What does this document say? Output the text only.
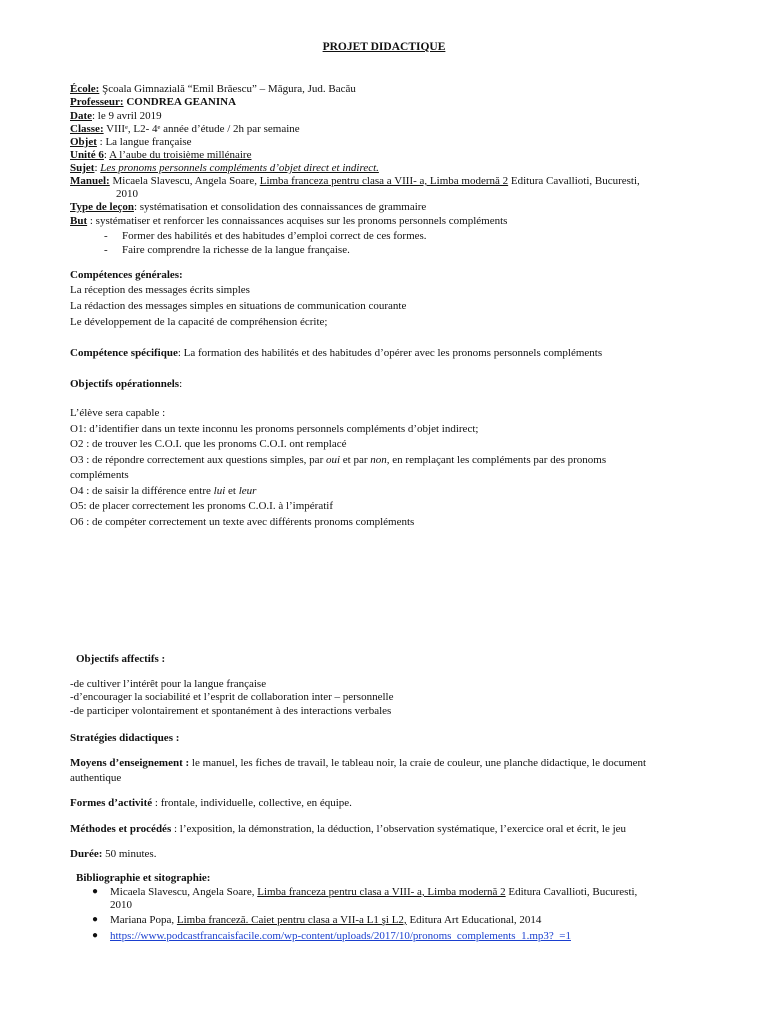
PROJET DIDACTIQUE
École: Şcoala Gimnazială “Emil Brăescu” – Măgura, Jud. Bacău
Professeur: CONDREA GEANINA
Date: le 9 avril 2019
Classe: VIIIᵉ, L2- 4ᵉ année d’étude / 2h par semaine
Objet : La langue française
Unité 6: A l’aube du troisième millénaire
Sujet: Les pronoms personnels compléments d’objet direct et indirect.
Manuel: Micaela Slavescu, Angela Soare, Limba franceza pentru clasa a VIII- a, Limba modernă 2 Editura Cavallioti, Bucuresti,
2010
Type de leçon: systématisation et consolidation des connaissances de grammaire
But : systématiser et renforcer les connaissances acquises sur les pronoms personnels compléments
- Former des habilités et des habitudes d’emploi correct de ces formes.
- Faire comprendre la richesse de la langue française.
Compétences générales:
La réception des messages écrits simples
La rédaction des messages simples en situations de communication courante
Le développement de la capacité de compréhension écrite;
Compétence spécifique: La formation des habilités et des habitudes d’opérer avec les pronoms personnels compléments
Objectifs opérationnels:
L’élève sera capable :
O1: d’identifier dans un texte inconnu les pronoms personnels compléments d’objet indirect;
O2 : de trouver les C.O.I. que les pronoms C.O.I. ont remplacé
O3 : de répondre correctement aux questions simples, par oui et par non, en remplaçant les compléments par des pronoms
compléments
O4 : de saisir la différence entre lui et leur
O5: de placer correctement les pronoms C.O.I. à l’impératif
O6 : de compéter correctement un texte avec différents pronoms compléments
Objectifs affectifs :
-de cultiver l’intérêt pour la langue française
-d’encourager la sociabilité et l’esprit de collaboration inter – personnelle
-de participer volontairement et spontanément à des interactions verbales
Stratégies didactiques :
Moyens d’enseignement : le manuel, les fiches de travail, le tableau noir, la craie de couleur, une planche didactique, le document
authentique
Formes d’activité : frontale, individuelle, collective, en équipe.
Méthodes et procédés : l’exposition, la démonstration, la déduction, l’observation systématique, l’exercice oral et écrit, le jeu
Durée: 50 minutes.
Bibliographie et sitographie:
● Micaela Slavescu, Angela Soare, Limba franceza pentru clasa a VIII- a, Limba modernă 2 Editura Cavallioti, Bucuresti,
2010
● Mariana Popa, Limba franceză. Caiet pentru clasa a VII-a L1 şi L2, Editura Art Educational, 2014
● https://www.podcastfrancaisfacile.com/wp-content/uploads/2017/10/pronoms_complements_1.mp3?_=1
